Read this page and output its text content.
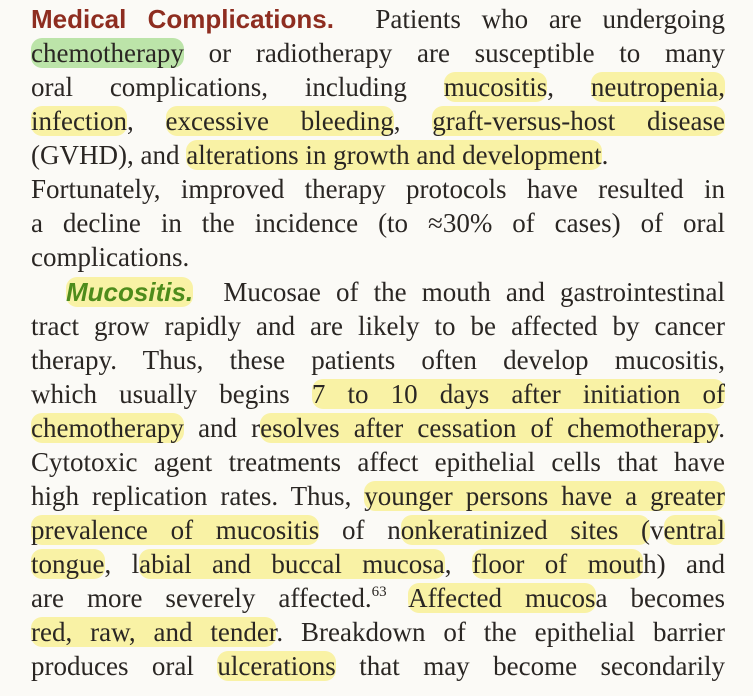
Medical Complications. Patients who are undergoing
chemotherapy or radiotherapy are susceptible to many
oral complications, including mucositis, neutropenia,
infection, excessive bleeding, graft-versus-host disease
(GVHD), and alterations in growth and development.
Fortunately, improved therapy protocols have resulted in
a decline in the incidence (to ≈30% of cases) of oral
complications.
Mucositis. Mucosae of the mouth and gastrointestinal
tract grow rapidly and are likely to be affected by cancer
therapy. Thus, these patients often develop mucositis,
which usually begins 7 to 10 days after initiation of
chemotherapy and resolves after cessation of chemotherapy.
Cytotoxic agent treatments affect epithelial cells that have
high replication rates. Thus, younger persons have a greater
prevalence of mucositis of nonkeratinized sites (ventral
tongue, labial and buccal mucosa, floor of mouth) and
are more severely affected.$^{63}$ Affected mucosa becomes
red, raw, and tender. Breakdown of the epithelial barrier
produces oral ulcerations that may become secondarily
